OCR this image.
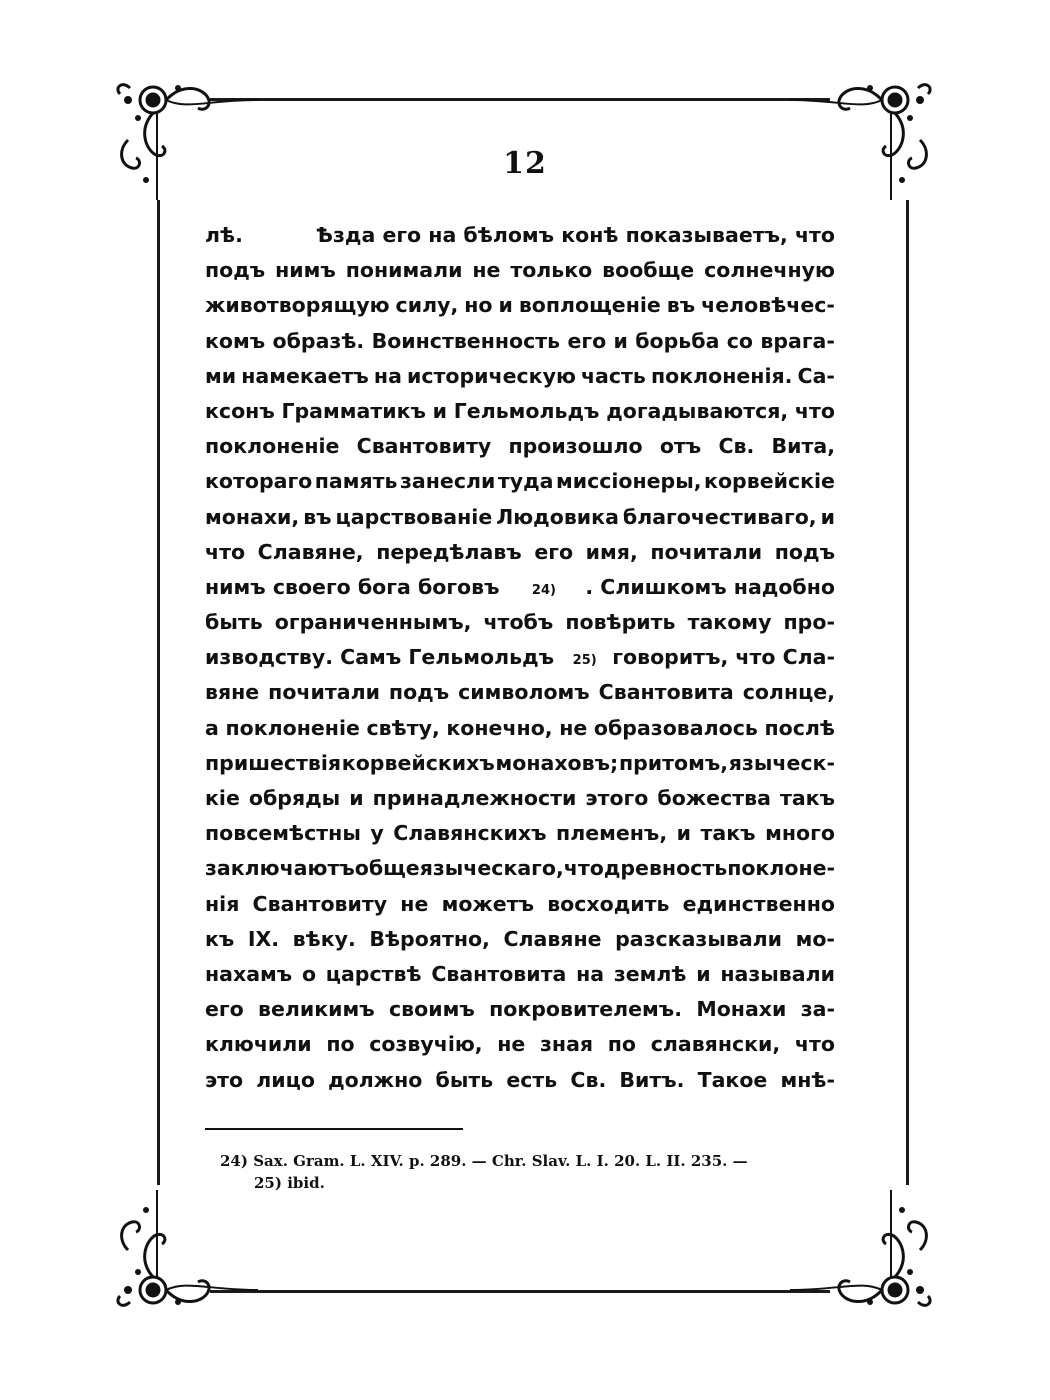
12
лѣ.	Ѣзда его на бѣломъ конѣ показываетъ, что
подъ нимъ понимали не только вообще солнечную
животворящую силу, но и воплощеніе въ человѣчес-
комъ образѣ. Воинственность его и борьба со врага-
ми намекаетъ на историческую часть поклоненія. Са-
ксонъ Грамматикъ и Гельмольдъ догадываются, что
поклоненіе Свантовиту произошло отъ Св. Вита,
котораго память занесли туда миссіонеры, корвейскіе
монахи, въ царствованіе Людовика благочестиваго, и
что Славяне, передѣлавъ его имя, почитали подъ
нимъ своего бога боговъ 24) . Слишкомъ надобно
быть ограниченнымъ, чтобъ повѣрить такому про-
изводству. Самъ Гельмольдъ 25) говоритъ, что Сла-
вяне почитали подъ символомъ Свантовита солнце,
а поклоненіе свѣту, конечно, не образовалось послѣ
пришествія корвейскихъ монаховъ; притомъ, языческ-
кіе обряды и принадлежности этого божества такъ
повсемѣстны у Славянскихъ племенъ, и такъ много
заключаютъ общеязыческаго, что древность поклоне-
нія Свантовиту не можетъ восходить единственно
къ IX. вѣку. Вѣроятно, Славяне разсказывали мо-
нахамъ о царствѣ Свантовита на землѣ и называли
его великимъ своимъ покровителемъ. Монахи за-
ключили по созвучію, не зная по славянски, что
это лицо должно быть есть Св. Витъ. Такое мнѣ-
24) Sax. Gram. L. XIV. p. 289. — Chr. Slav. L. I. 20. L. II. 235. —
25) ibid.
